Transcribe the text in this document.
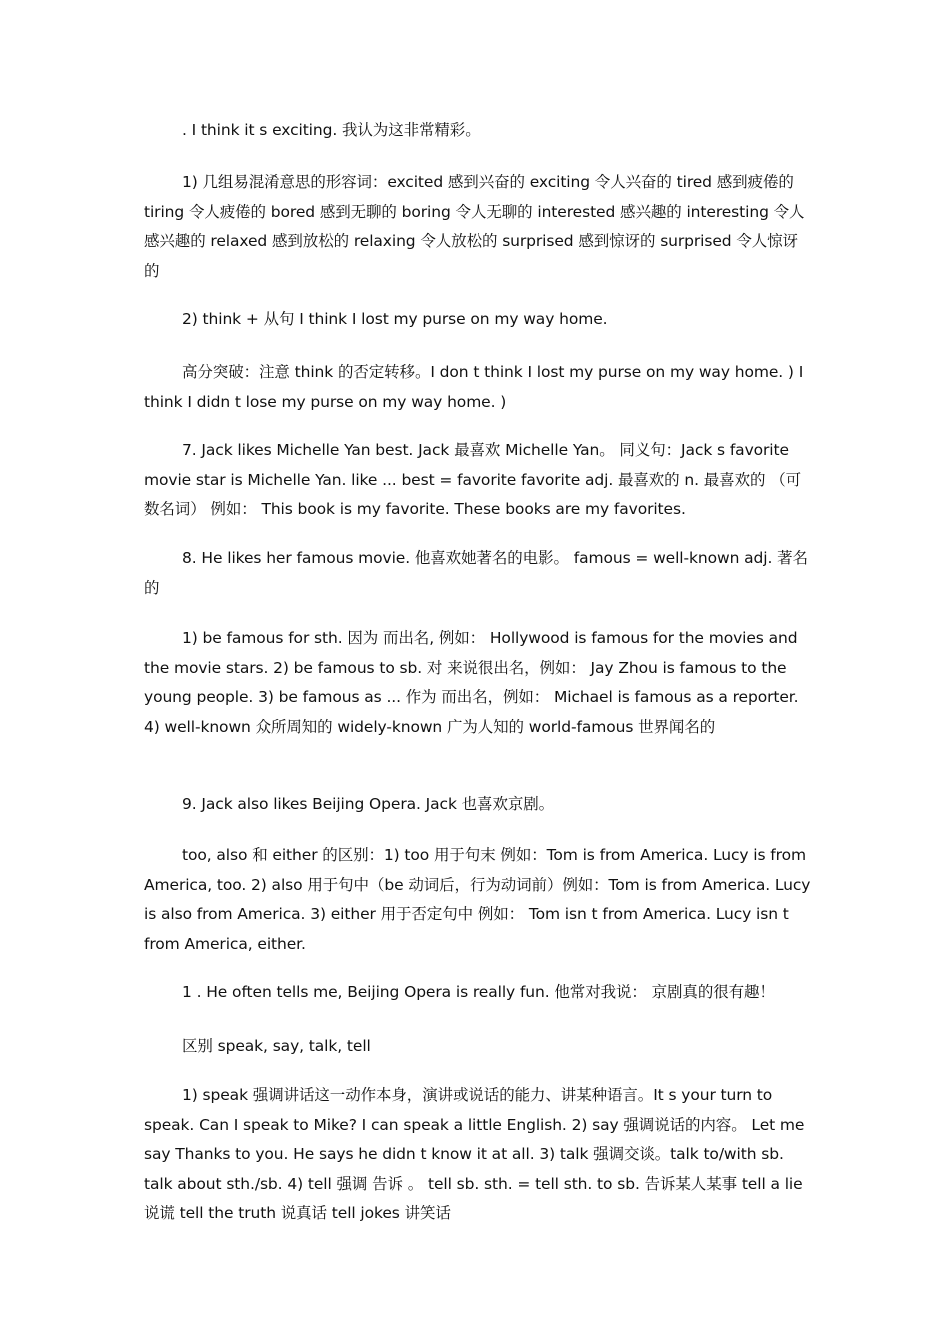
. I think it s exciting. 我认为这非常精彩。

1) 几组易混淆意思的形容词：excited 感到兴奋的 exciting 令人兴奋的 tired 感到疲倦的 tiring 令人疲倦的 bored 感到无聊的 boring 令人无聊的 interested 感兴趣的 interesting 令人感兴趣的 relaxed 感到放松的 relaxing 令人放松的 surprised 感到惊讶的 surprised 令人惊讶的

2) think + 从句 I think I lost my purse on my way home.

高分突破：注意 think 的否定转移。I don t think I lost my purse on my way home. ) I think I didn t lose my purse on my way home. )

7. Jack likes Michelle Yan best. Jack 最喜欢 Michelle Yan。 同义句：Jack s favorite movie star is Michelle Yan. like ... best = favorite favorite adj. 最喜欢的 n. 最喜欢的 （可数名词） 例如： This book is my favorite. These books are my favorites.

8. He likes her famous movie. 他喜欢她著名的电影。 famous = well-known adj. 著名的

1) be famous for sth. 因为 而出名, 例如： Hollywood is famous for the movies and the movie stars. 2) be famous to sb. 对 来说很出名，例如： Jay Zhou is famous to the young people. 3) be famous as ... 作为 而出名，例如： Michael is famous as a reporter. 4) well-known 众所周知的 widely-known 广为人知的 world-famous 世界闻名的

9. Jack also likes Beijing Opera. Jack 也喜欢京剧。

too, also 和 either 的区别：1) too 用于句末 例如：Tom is from America. Lucy is from America, too. 2) also 用于句中（be 动词后，行为动词前）例如：Tom is from America. Lucy is also from America. 3) either 用于否定句中 例如： Tom isn t from America. Lucy isn t from America, either.

1 . He often tells me, Beijing Opera is really fun. 他常对我说： 京剧真的很有趣！

区别 speak, say, talk, tell

1) speak 强调讲话这一动作本身，演讲或说话的能力、讲某种语言。It s your turn to speak. Can I speak to Mike? I can speak a little English. 2) say 强调说话的内容。 Let me say Thanks to you. He says he didn t know it at all. 3) talk 强调交谈。talk to/with sb. talk about sth./sb. 4) tell 强调 告诉 。 tell sb. sth. = tell sth. to sb. 告诉某人某事 tell a lie 说谎 tell the truth 说真话 tell jokes 讲笑话
